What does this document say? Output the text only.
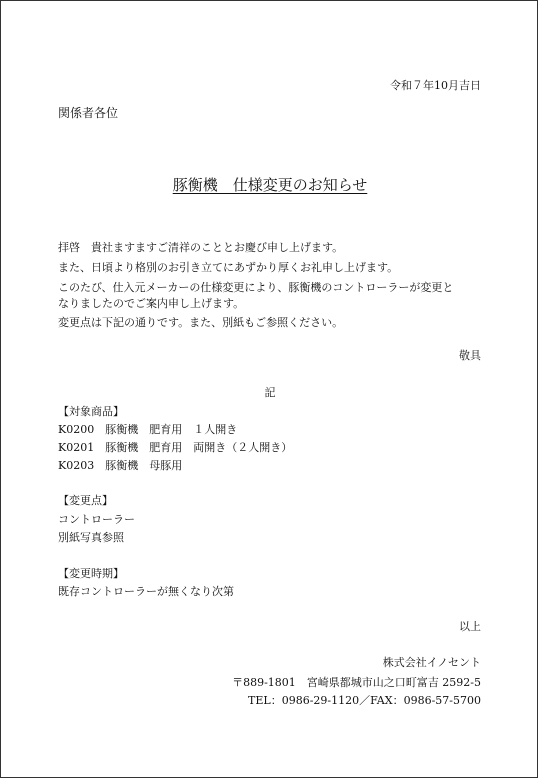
令和７年10月吉日
関係者各位
豚衡機　仕様変更のお知らせ
拝啓　貴社ますますご清祥のこととお慶び申し上げます。
また、日頃より格別のお引き立てにあずかり厚くお礼申し上げます。
このたび、仕入元メーカーの仕様変更により、豚衡機のコントローラーが変更と
なりましたのでご案内申し上げます。
変更点は下記の通りです。また、別紙もご参照ください。
敬具
記
【対象商品】
K0200　豚衡機　肥育用　１人開き
K0201　豚衡機　肥育用　両開き（２人開き）
K0203　豚衡機　母豚用
【変更点】
コントローラー
別紙写真参照
【変更時期】
既存コントローラーが無くなり次第
以上
株式会社イノセント
〒889-1801　宮崎県都城市山之口町富吉 2592-5
TEL：0986-29-1120／FAX：0986-57-5700
